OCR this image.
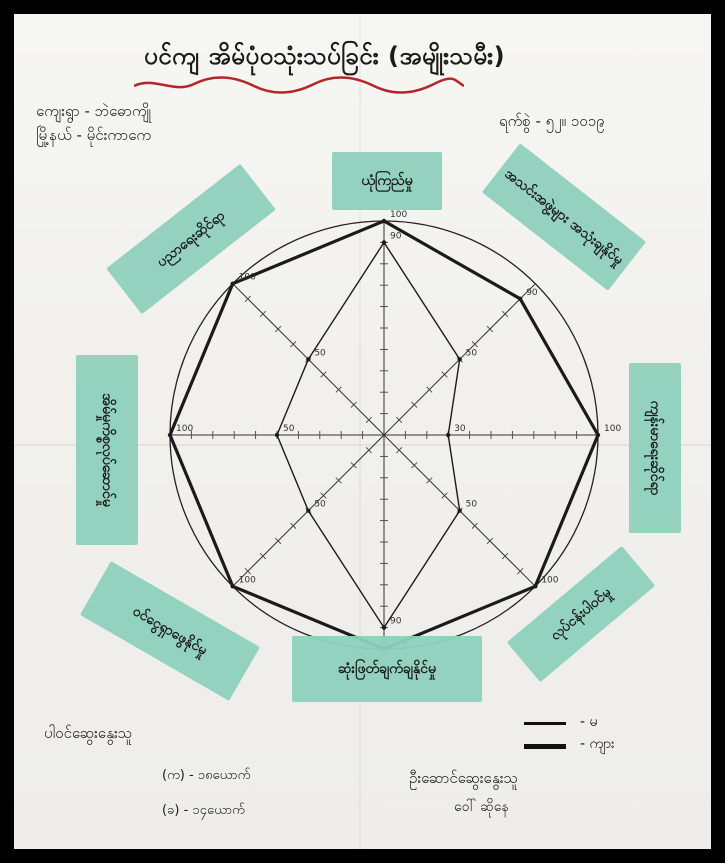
ပင်ကျ အိမ်ပုံဝသုံးသပ်ခြင်း (အမျိုးသမီး)
ကျေးရွာ - ဘဲဓောကျို
မြို့နယ် - မိုင်းကာကေ
ရက်စွဲ - ၅၂။ ၁၀၁၉
90
100
50
90
30	100
50
100
90
50
100
50
100
50
100
ယုံကြည်မှု	အသင်းအဖွဲ့များ အသုံးချနိုင်မှု
ကျန်းမာရေးဆိုင်ရာ
လုပ်ငန်းပါဝင်မှု
ဆုံးဖြတ်ချက်ချနိုင်မှု
ဝင်ငွေရှာဖွေနိုင်မှု
အိမ်မှုကိစ္စလုပ်ဆောင်မှု
ပညာရေးဆိုင်ရာ
ပါဝင်ဆွေးနွေးသူ
(က) - ၁၈ယောက်
(ခ) - ၁၄ယောက်
- မ
- ကျား
ဦးဆောင်ဆွေးနွေးသူ
ဝေါ် ဆိုနေ
